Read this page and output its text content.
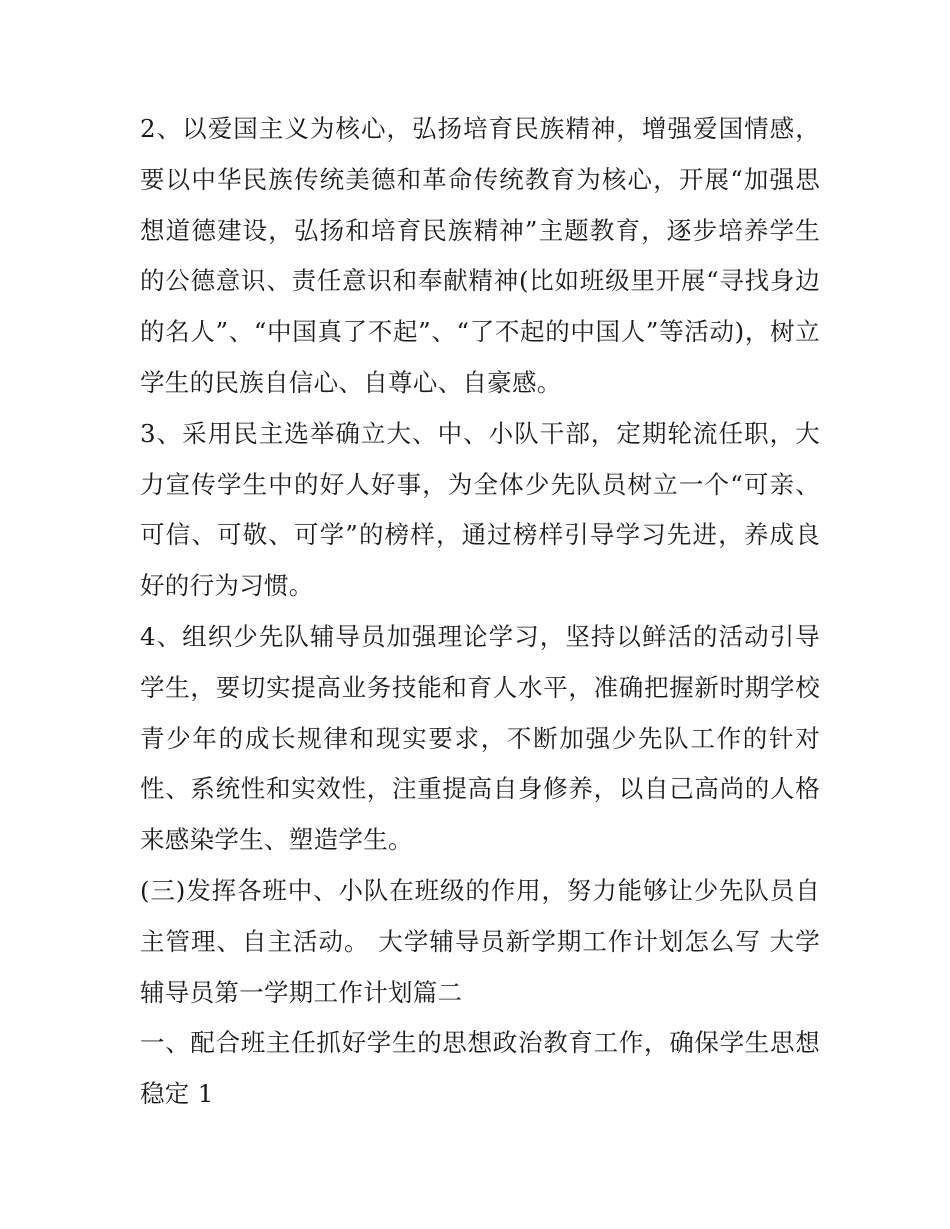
2、以爱国主义为核心，弘扬培育民族精神，增强爱国情感，要以中华民族传统美德和革命传统教育为核心，开展“加强思想道德建设，弘扬和培育民族精神”主题教育，逐步培养学生的公德意识、责任意识和奉献精神(比如班级里开展“寻找身边的名人”、“中国真了不起”、“了不起的中国人”等活动)，树立学生的民族自信心、自尊心、自豪感。

3、采用民主选举确立大、中、小队干部，定期轮流任职，大力宣传学生中的好人好事，为全体少先队员树立一个“可亲、可信、可敬、可学”的榜样，通过榜样引导学习先进，养成良好的行为习惯。

4、组织少先队辅导员加强理论学习，坚持以鲜活的活动引导学生，要切实提高业务技能和育人水平，准确把握新时期学校青少年的成长规律和现实要求，不断加强少先队工作的针对性、系统性和实效性，注重提高自身修养，以自己高尚的人格来感染学生、塑造学生。

(三)发挥各班中、小队在班级的作用，努力能够让少先队员自主管理、自主活动。 大学辅导员新学期工作计划怎么写 大学辅导员第一学期工作计划篇二

一、配合班主任抓好学生的思想政治教育工作，确保学生思想稳定 1
